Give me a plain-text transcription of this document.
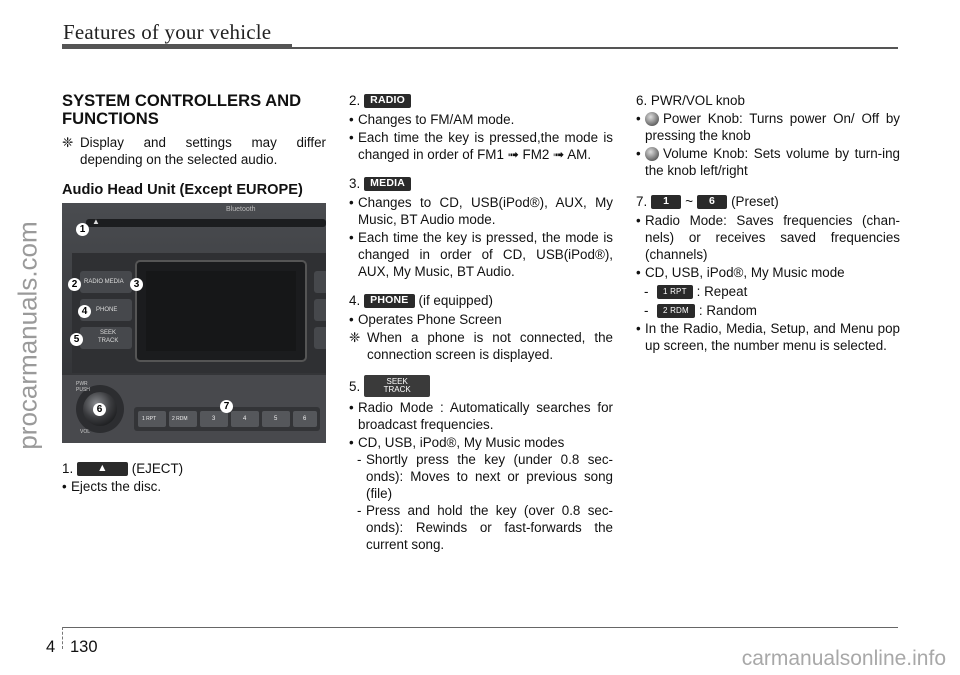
Features of your vehicle
procarmanuals.com
SYSTEM CONTROLLERS AND FUNCTIONS
❈ Display and settings may differ depending on the selected audio.
Audio Head Unit (Except EUROPE)
Bluetooth
▲
RADIO MEDIA
PHONE
SEEK
TRACK
PWR
PUSH
VOL
1 RPT	2 RDM	3	4	5	6
1
2	3
4
5
6	7
1.	▲	(EJECT)
• Ejects the disc.
2. RADIO
• Changes to FM/AM mode.
• Each time the key is pressed,the mode is changed in order of FM1 ➟ FM2 ➟ AM.
3. MEDIA
• Changes to CD, USB(iPod®), AUX, My Music, BT Audio mode.
• Each time the key is pressed, the mode is changed in order of CD, USB(iPod®), AUX, My Music, BT Audio.
4. PHONE (if equipped)
• Operates Phone Screen
❈ When a phone is not connected, the connection screen is displayed.
5.	SEEK
TRACK
• Radio Mode : Automatically searches for broadcast frequencies.
• CD, USB, iPod®, My Music modes
- Shortly press the key (under 0.8 sec-onds): Moves to next or previous song (file)
- Press and hold the key (over 0.8 sec-onds): Rewinds or fast-forwards the current song.

6. PWR/VOL knob

•	Power Knob: Turns power On/ Off by pressing the knob
•	Volume Knob: Sets volume by turn-ing the knob left/right
7.	1	~	6	(Preset)
• Radio Mode: Saves frequencies (chan-nels) or receives saved frequencies (channels)
• CD, USB, iPod®, My Music mode
-	1 RPT : Repeat
-	2 RDM : Random
• In the Radio, Media, Setup, and Menu pop up screen, the number menu is selected.
4 130	carmanualsonline.info
